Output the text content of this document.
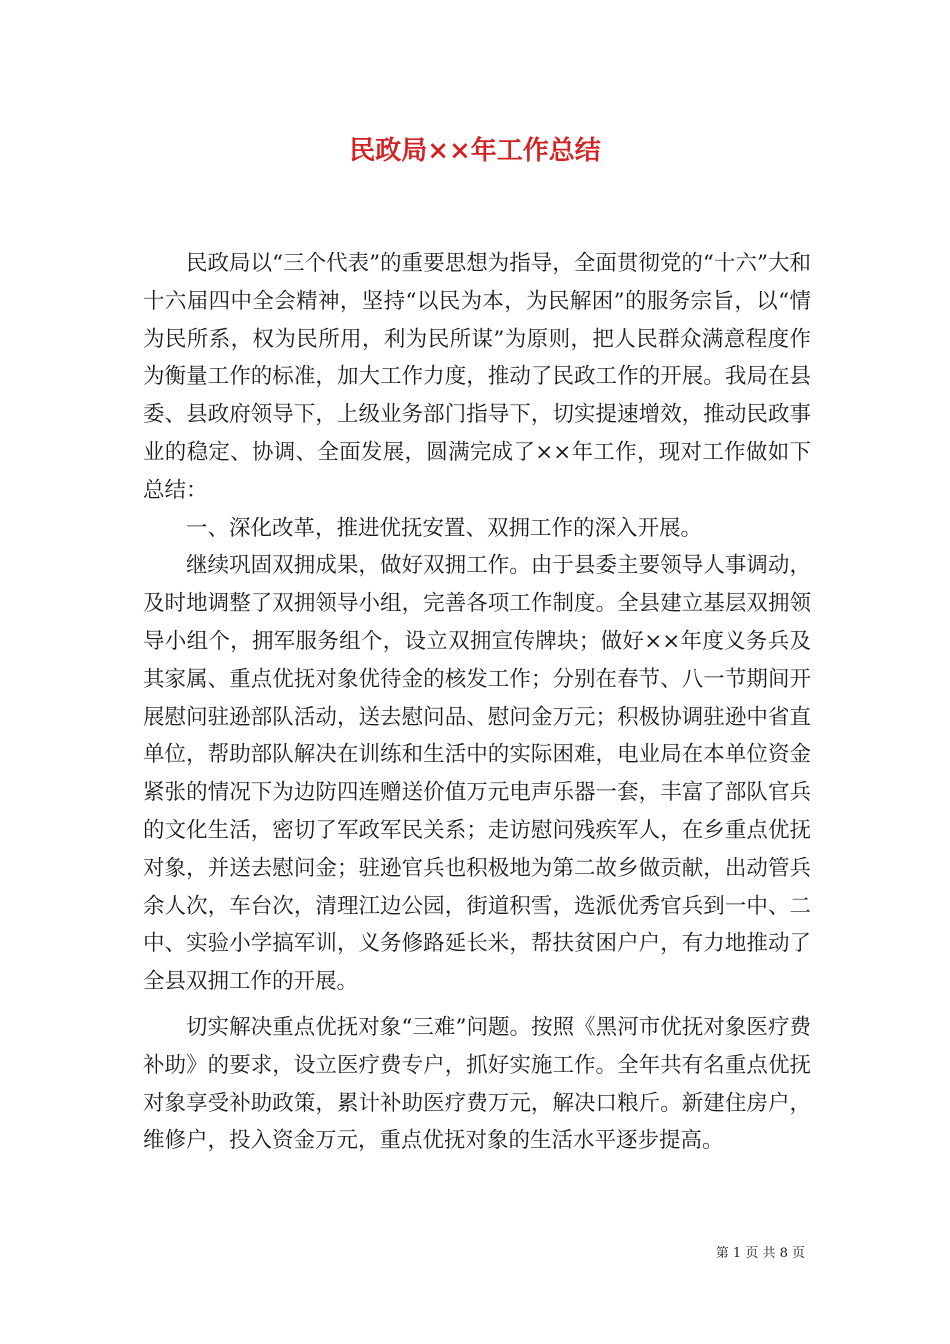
民政局××年工作总结

民政局以“三个代表”的重要思想为指导，全面贯彻党的“十六”大和十六届四中全会精神，坚持“以民为本，为民解困”的服务宗旨，以“情为民所系，权为民所用，利为民所谋”为原则，把人民群众满意程度作为衡量工作的标准，加大工作力度，推动了民政工作的开展。我局在县委、县政府领导下，上级业务部门指导下，切实提速增效，推动民政事业的稳定、协调、全面发展，圆满完成了××年工作，现对工作做如下总结：

一、深化改革，推进优抚安置、双拥工作的深入开展。

继续巩固双拥成果，做好双拥工作。由于县委主要领导人事调动，及时地调整了双拥领导小组，完善各项工作制度。全县建立基层双拥领导小组个，拥军服务组个，设立双拥宣传牌块；做好××年度义务兵及其家属、重点优抚对象优待金的核发工作；分别在春节、八一节期间开展慰问驻逊部队活动，送去慰问品、慰问金万元；积极协调驻逊中省直单位，帮助部队解决在训练和生活中的实际困难，电业局在本单位资金紧张的情况下为边防四连赠送价值万元电声乐器一套，丰富了部队官兵的文化生活，密切了军政军民关系；走访慰问残疾军人，在乡重点优抚对象，并送去慰问金；驻逊官兵也积极地为第二故乡做贡献，出动管兵余人次，车台次，清理江边公园，街道积雪，选派优秀官兵到一中、二中、实验小学搞军训，义务修路延长米，帮扶贫困户户，有力地推动了全县双拥工作的开展。

切实解决重点优抚对象“三难”问题。按照《黑河市优抚对象医疗费补助》的要求，设立医疗费专户，抓好实施工作。全年共有名重点优抚对象享受补助政策，累计补助医疗费万元，解决口粮斤。新建住房户，维修户，投入资金万元，重点优抚对象的生活水平逐步提高。

第 1 页 共 8 页
